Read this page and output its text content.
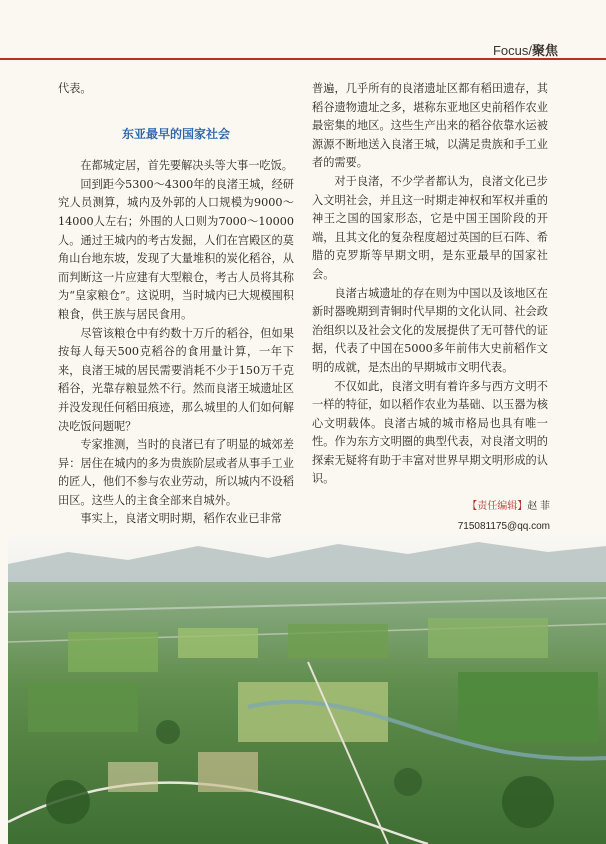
Focus/聚焦

代表。

东亚最早的国家社会

在都城定居，首先要解决头等大事一吃饭。

回到距今5300～4300年的良渚王城，经研究人员测算，城内及外郭的人口规模为9000～14000人左右；外围的人口则为7000～10000人。通过王城内的考古发掘，人们在宫殿区的莫角山台地东坡，发现了大量堆积的炭化稻谷，从而判断这一片应建有大型粮仓，考古人员将其称为“皇家粮仓”。这说明，当时城内已大规模囤积粮食，供王族与居民食用。

尽管该粮仓中有约数十万斤的稻谷，但如果按每人每天500克稻谷的食用量计算，一年下来，良渚王城的居民需要消耗不少于150万千克稻谷，光靠存粮显然不行。然而良渚王城遗址区并没发现任何稻田痕迹，那么城里的人们如何解决吃饭问题呢？

专家推测，当时的良渚已有了明显的城郊差异：居住在城内的多为贵族阶层或者从事手工业的匠人，他们不参与农业劳动，所以城内不设稻田区。这些人的主食全部来自城外。

事实上，良渚文明时期，稻作农业已非常

普遍，几乎所有的良渚遗址区都有稻田遗存，其稻谷遗物遗址之多，堪称东亚地区史前稻作农业最密集的地区。这些生产出来的稻谷依靠水运被源源不断地送入良渚王城，以满足贵族和手工业者的需要。

对于良渚，不少学者都认为，良渚文化已步入文明社会，并且这一时期走神权和军权并重的神王之国的国家形态，它是中国王国阶段的开端，且其文化的复杂程度超过英国的巨石阵、希腊的克罗斯等早期文明，是东亚最早的国家社会。

良渚古城遗址的存在则为中国以及该地区在新时器晚期到青铜时代早期的文化认同、社会政治组织以及社会文化的发展提供了无可替代的证据，代表了中国在5000多年前伟大史前稻作文明的成就，是杰出的早期城市文明代表。

不仅如此，良渚文明有着许多与西方文明不一样的特征，如以稻作农业为基础、以玉器为核心文明载体。良渚古城的城市格局也具有唯一性。作为东方文明圈的典型代表，对良渚文明的探索无疑将有助于丰富对世界早期文明形成的认识。

【责任编辑】赵 菲
715081175@qq.com
